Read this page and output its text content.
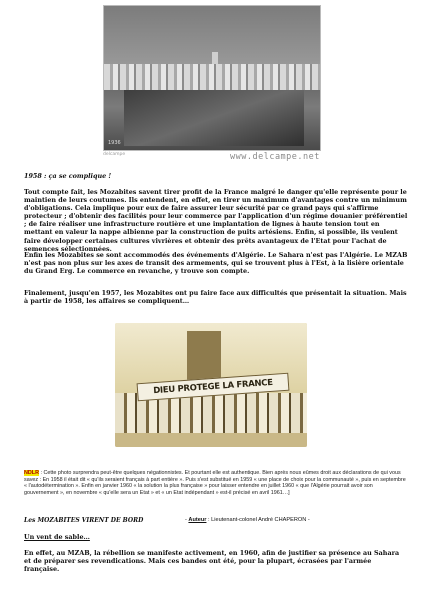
1936
delcampe	www.delcampe.net
1958 : ça se complique !
Tout compte fait, les Mozabites savent tirer profit de la France malgré le danger qu'elle représente pour le maintien de leurs coutumes. Ils entendent, en effet, en tirer un maximum d'avantages contre un minimum d'obligations. Cela implique pour eux de faire assurer leur sécurité par ce grand pays qui s'affirme protecteur ; d'obtenir des facilités pour leur commerce par l'application d'un régime douanier préférentiel ; de faire réaliser une infrastructure routière et une implantation de lignes à haute tension tout en mettant en valeur la nappe albienne par la construction de puits artésiens. Enfin, si possible, ils veulent faire développer certaines cultures vivrières et obtenir des prêts avantageux de l'Etat pour l'achat de semences sélectionnées.
Enfin les Mozabites se sont accommodés des événements d'Algérie. Le Sahara n'est pas l'Algérie. Le MZAB n'est pas non plus sur les axes de transit des armements, qui se trouvent plus à l'Est, à la lisière orientale du Grand Erg. Le commerce en revanche, y trouve son compte.
Finalement, jusqu'en 1957, les Mozabites ont pu faire face aux difficultés que présentait la situation. Mais à partir de 1958, les affaires se compliquent…
DIEU PROTEGE LA FRANCE
NDLR : Cette photo surprendra peut-être quelques négationnistes. Et pourtant elle est authentique. Bien après nous eûmes droit aux déclarations de qui vous savez : En 1958 il était dit « qu'ils seraient français à part entière ». Puis s'est substitué en 1959 « une place de choix pour la communauté », puis en septembre « l'autodétermination ». Enfin en janvier 1960 « la solution la plus française » pour laisser entendre en juillet 1960 « que l'Algérie pourrait avoir son gouvernement », en novembre « qu'elle sera un Etat » et « un Etat indépendant » est-il précisé en avril 1961…]
Les MOZABITES VIRENT DE BORD	- Auteur : Lieutenant-colonel André CHAPERON -
Un vent de sable…
En effet, au MZAB, la rébellion se manifeste activement, en 1960, afin de justifier sa présence au Sahara et de préparer ses revendications. Mais ces bandes ont été, pour la plupart, écrasées par l'armée française.
